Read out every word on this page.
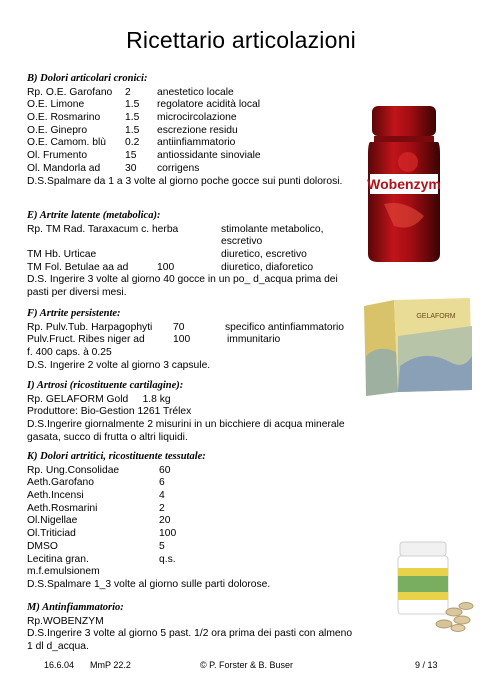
Ricettario articolazioni
B) Dolori articolari cronici:
Rp. O.E. Garofano 2	anestetico locale
O.E. Limone	1.5 regolatore acidità local
O.E. Rosmarino 1.5 microcircolazione
O.E. Ginepro	1.5 escrezione residu
O.E. Camom. blù 0.2 antiinfiammatorio
Ol. Frumento	15 antiossidante sinoviale
Ol. Mandorla ad 30 corrigens
D.S.Spalmare da 1 a 3 volte al giorno poche gocce sui punti dolorosi.
E) Artrite latente (metabolica):
Rp. TM Rad. Taraxacum c. herba	stimolante metabolico,
escretivo
TM Hb. Urticae	diuretico, escretivo
TM Fol. Betulae aa ad	100	diuretico, diaforetico
D.S. Ingerire 3 volte al giorno 40 gocce in un po_ d_acqua prima dei pasti per diversi mesi.
F) Artrite persistente:
Rp. Pulv.Tub. Harpagophyti 70	specifico antinfiammatorio
Pulv.Fruct. Ribes niger ad	100	immunitario
f. 400 caps. à 0.25
D.S. Ingerire 2 volte al giorno 3 capsule.
I) Artrosi (ricostituente cartilagine):
Rp. GELAFORM Gold     1.8 kg
Produttore: Bio-Gestion 1261 Trélex
D.S.Ingerire giornalmente 2 misurini in un bicchiere di acqua minerale gasata, succo di frutta o altri liquidi.
K) Dolori artritici, ricostituente tessutale:
Rp. Ung.Consolidae	60
Aeth.Garofano	6
Aeth.Incensi	4
Aeth.Rosmarini	2
Ol.Nigellae	20
Ol.Triticiad	100
DMSO	5
Lecitina gran.	q.s.
m.f.emulsionem
D.S.Spalmare 1_3 volte al giorno sulle parti dolorose.
M) Antinfiammatorio:
Rp.WOBENZYM
D.S.Ingerire 3 volte al giorno 5 past. 1/2 ora prima dei pasti con almeno 1 dl d_acqua.
16.6.04 MmP 22.2	© P. Forster & B. Buser	9 / 13
Wobenzym
GELAFORM
